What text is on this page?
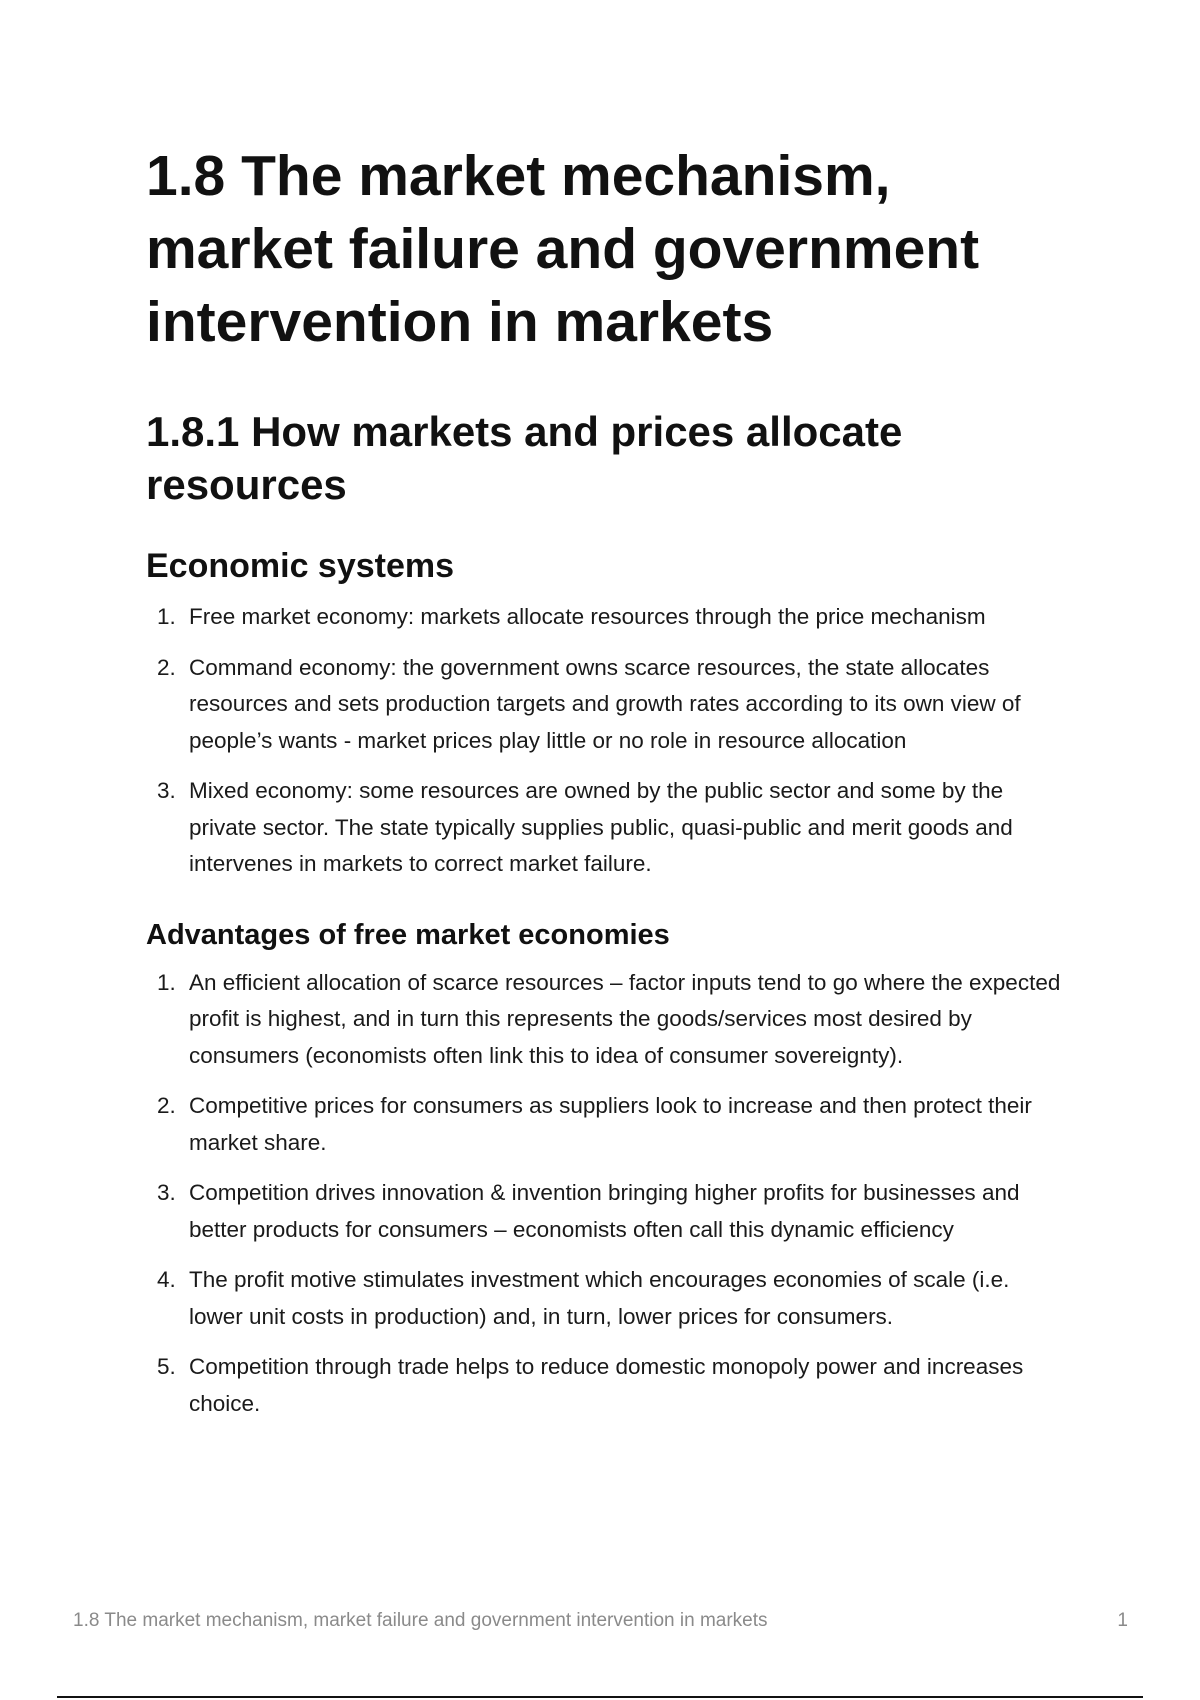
1.8 The market mechanism, market failure and government intervention in markets
1.8.1 How markets and prices allocate resources
Economic systems
1. Free market economy: markets allocate resources through the price mechanism
2. Command economy: the government owns scarce resources, the state allocates resources and sets production targets and growth rates according to its own view of people’s wants - market prices play little or no role in resource allocation
3. Mixed economy: some resources are owned by the public sector and some by the private sector. The state typically supplies public, quasi-public and merit goods and intervenes in markets to correct market failure.
Advantages of free market economies
1. An efficient allocation of scarce resources – factor inputs tend to go where the expected profit is highest, and in turn this represents the goods/services most desired by consumers (economists often link this to idea of consumer sovereignty).
2. Competitive prices for consumers as suppliers look to increase and then protect their market share.
3. Competition drives innovation & invention bringing higher profits for businesses and better products for consumers – economists often call this dynamic efficiency
4. The profit motive stimulates investment which encourages economies of scale (i.e. lower unit costs in production) and, in turn, lower prices for consumers.
5. Competition through trade helps to reduce domestic monopoly power and increases choice.
1.8 The market mechanism, market failure and government intervention in markets	1
